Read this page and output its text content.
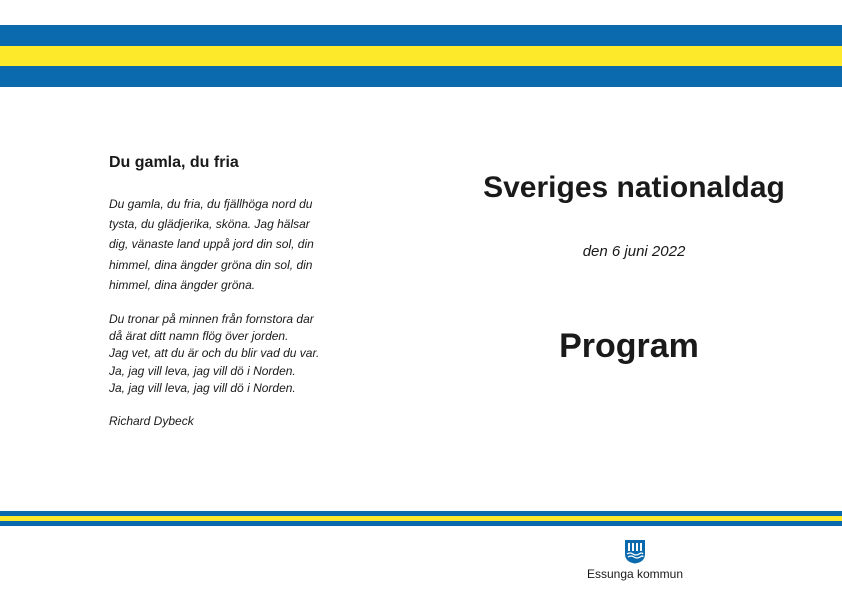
Du gamla, du fria

Du gamla, du fria, du fjällhöga nord du
tysta, du glädjerika, sköna. Jag hälsar
dig, vänaste land uppå jord din sol, din
himmel, dina ängder gröna din sol, din
himmel, dina ängder gröna.

Du tronar på minnen från fornstora dar
då ärat ditt namn flög över jorden.
Jag vet, att du är och du blir vad du var.
Ja, jag vill leva, jag vill dö i Norden.
Ja, jag vill leva, jag vill dö i Norden.

Richard Dybeck

Sveriges nationaldag

den 6 juni 2022

Program
Essunga kommun
